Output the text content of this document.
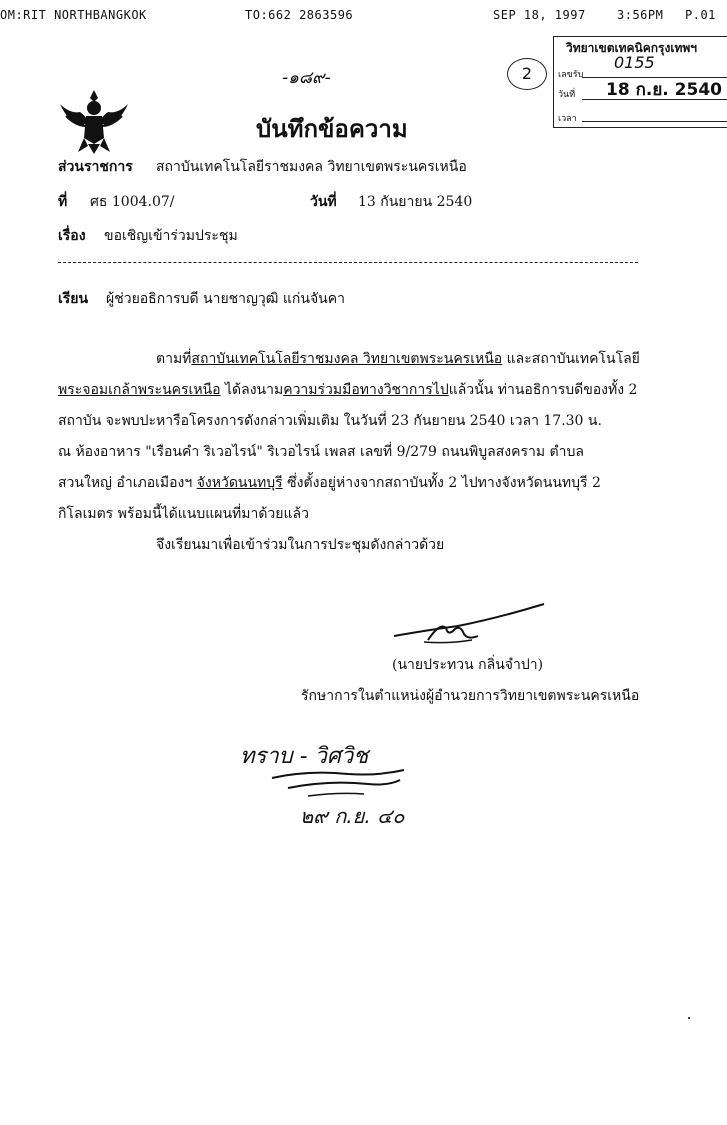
OM:RIT NORTHBANGKOK	TO:662 2863596	SEP 18, 1997	3:56PM P.01
-๑๘๙-	2
วิทยาเขตเทคนิคกรุงเทพฯ
เลขรับ
0155
วันที่ 18 ก.ย. 2540
เวลา
บันทึกข้อความ
ส่วนราชการ สถาบันเทคโนโลยีราชมงคล วิทยาเขตพระนครเหนือ
ที่ ศธ 1004.07/	วันที่ 13 กันยายน 2540
เรื่อง ขอเชิญเข้าร่วมประชุม
เรียน ผู้ช่วยอธิการบดี นายชาญวุฒิ แก่นจันคา
ตามที่สถาบันเทคโนโลยีราชมงคล วิทยาเขตพระนครเหนือ และสถาบันเทคโนโลยี
พระจอมเกล้าพระนครเหนือ ได้ลงนามความร่วมมือทางวิชาการไปแล้วนั้น ท่านอธิการบดีของทั้ง 2
สถาบัน จะพบปะหารือโครงการดังกล่าวเพิ่มเติม ในวันที่ 23 กันยายน 2540 เวลา 17.30 น.
ณ ห้องอาหาร "เรือนคำ ริเวอไรน์" ริเวอไรน์ เพลส เลขที่ 9/279 ถนนพิบูลสงคราม ตำบล
สวนใหญ่ อำเภอเมืองฯ จังหวัดนนทบุรี ซึ่งตั้งอยู่ห่างจากสถาบันทั้ง 2 ไปทางจังหวัดนนทบุรี 2
กิโลเมตร พร้อมนี้ได้แนบแผนที่มาด้วยแล้ว
จึงเรียนมาเพื่อเข้าร่วมในการประชุมดังกล่าวด้วย
(นายประทวน กลิ่นจำปา)
รักษาการในตำแหน่งผู้อำนวยการวิทยาเขตพระนครเหนือ
ทราบ - วิศวิช
๒๙ ก.ย. ๔๐
